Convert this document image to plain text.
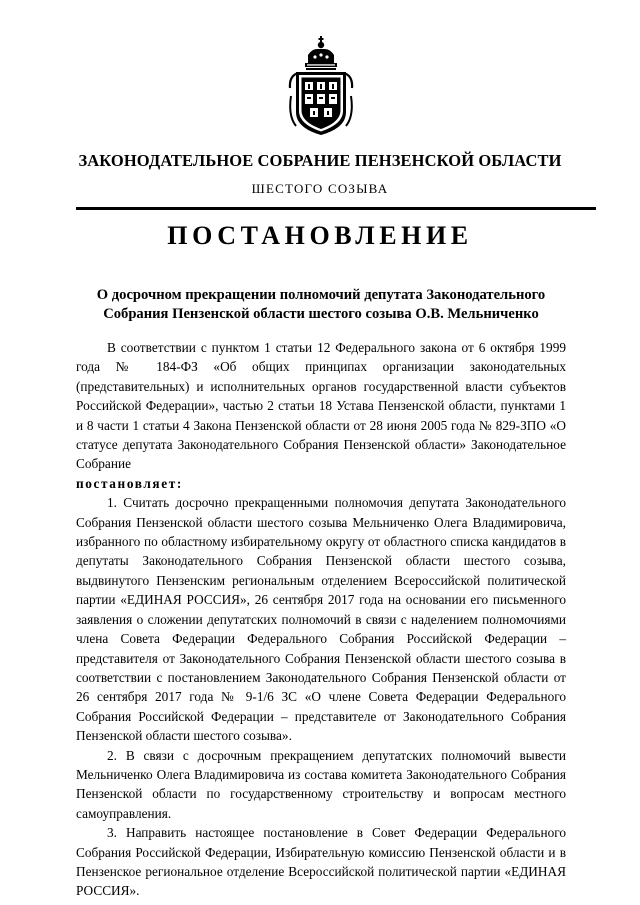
ЗАКОНОДАТЕЛЬНОЕ СОБРАНИЕ ПЕНЗЕНСКОЙ ОБЛАСТИ
ШЕСТОГО СОЗЫВА
ПОСТАНОВЛЕНИЕ
О досрочном прекращении полномочий депутата Законодательного Собрания Пензенской области шестого созыва О.В. Мельниченко

В соответствии с пунктом 1 статьи 12 Федерального закона от 6 октября 1999 года № 184-ФЗ «Об общих принципах организации законодательных (представительных) и исполнительных органов государственной власти субъектов Российской Федерации», частью 2 статьи 18 Устава Пензенской области, пунктами 1 и 8 части 1 статьи 4 Закона Пензенской области от 28 июня 2005 года № 829-ЗПО «О статусе депутата Законодательного Собрания Пензенской области» Законодательное Собрание
постановляет:

1. Считать досрочно прекращенными полномочия депутата Законодательного Собрания Пензенской области шестого созыва Мельниченко Олега Владимировича, избранного по областному избирательному округу от областного списка кандидатов в депутаты Законодательного Собрания Пензенской области шестого созыва, выдвинутого Пензенским региональным отделением Всероссийской политической партии «ЕДИНАЯ РОССИЯ», 26 сентября 2017 года на основании его письменного заявления о сложении депутатских полномочий в связи с наделением полномочиями члена Совета Федерации Федерального Собрания Российской Федерации – представителя от Законодательного Собрания Пензенской области шестого созыва в соответствии с постановлением Законодательного Собрания Пензенской области от 26 сентября 2017 года № 9-1/6 ЗС «О члене Совета Федерации Федерального Собрания Российской Федерации – представителе от Законодательного Собрания Пензенской области шестого созыва».

2. В связи с досрочным прекращением депутатских полномочий вывести Мельниченко Олега Владимировича из состава комитета Законодательного Собрания Пензенской области по государственному строительству и вопросам местного самоуправления.

3. Направить настоящее постановление в Совет Федерации Федерального Собрания Российской Федерации, Избирательную комиссию Пензенской области и в Пензенское региональное отделение Всероссийской политической партии «ЕДИНАЯ РОССИЯ».
